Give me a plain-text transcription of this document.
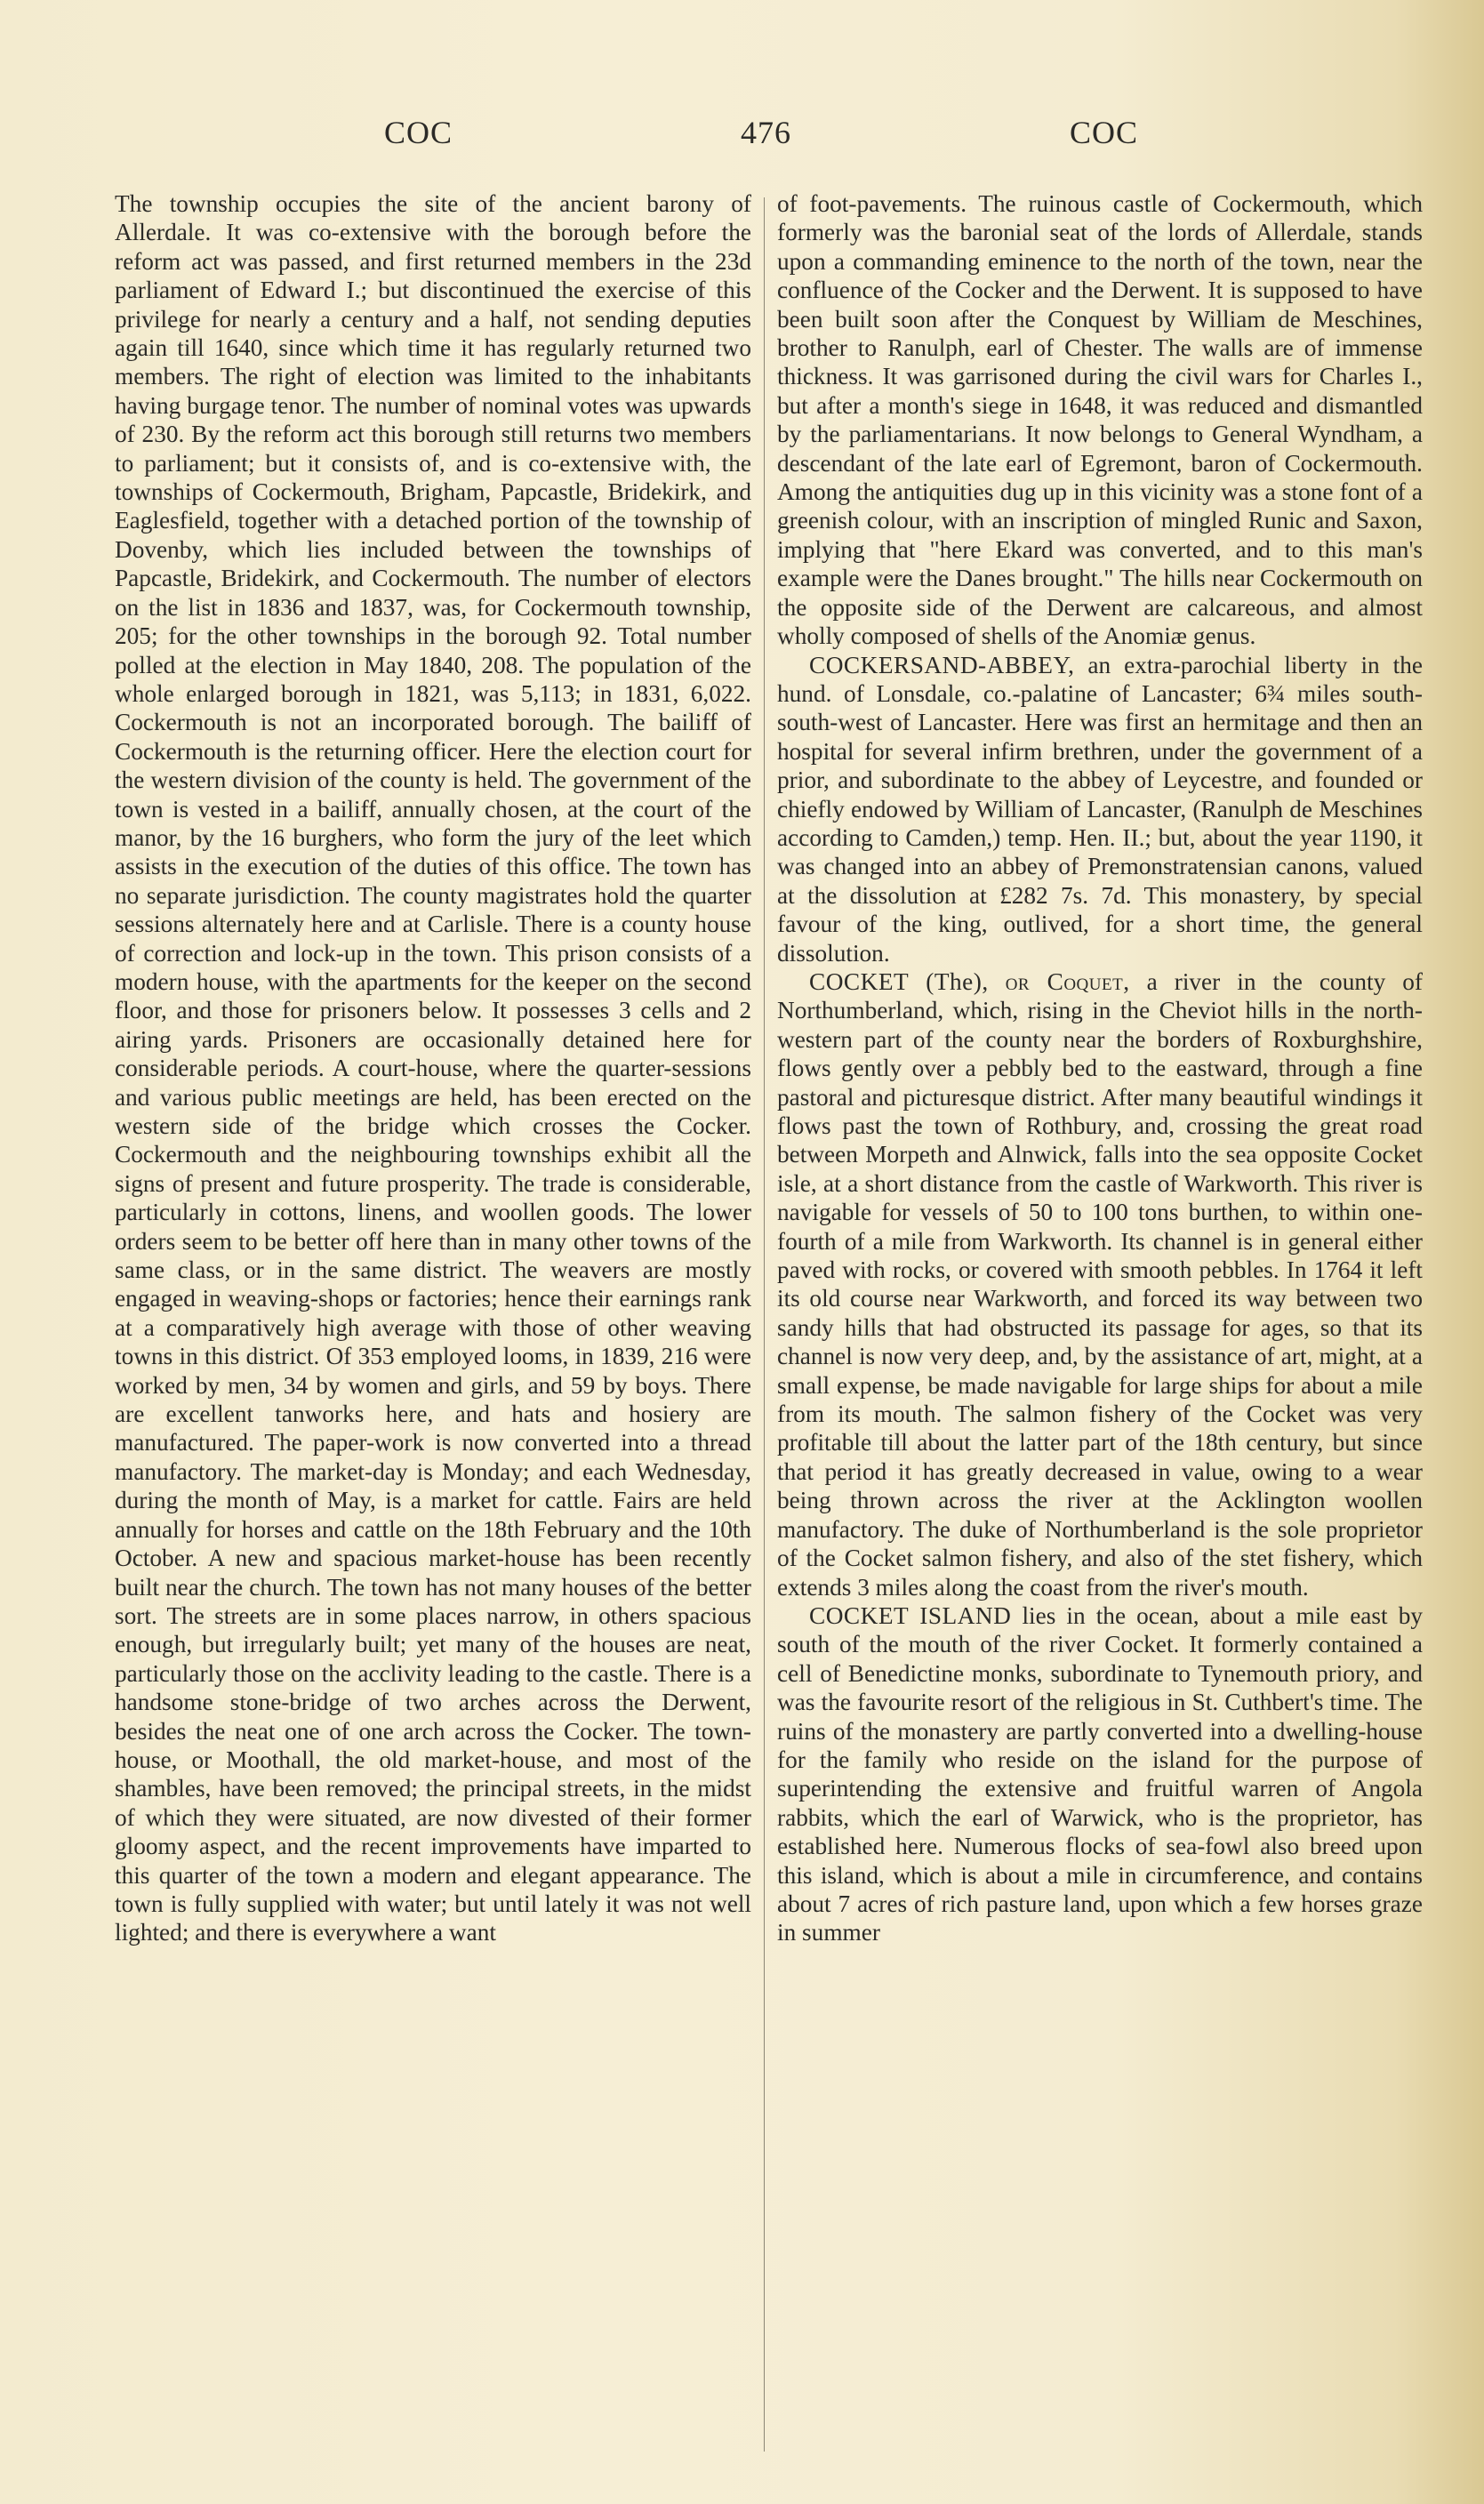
COC	476	COC

The township occupies the site of the ancient barony of Allerdale. It was co-extensive with the borough before the reform act was passed, and first returned members in the 23d parliament of Edward I.; but discontinued the exercise of this privilege for nearly a century and a half, not sending deputies again till 1640, since which time it has regularly returned two members. The right of election was limited to the inhabitants having burgage tenor. The number of nominal votes was upwards of 230. By the reform act this borough still returns two members to parliament; but it consists of, and is co-extensive with, the townships of Cockermouth, Brigham, Papcastle, Bridekirk, and Eaglesfield, together with a detached portion of the township of Dovenby, which lies included between the townships of Papcastle, Bridekirk, and Cockermouth. The number of electors on the list in 1836 and 1837, was, for Cockermouth township, 205; for the other townships in the borough 92. Total number polled at the election in May 1840, 208. The population of the whole enlarged borough in 1821, was 5,113; in 1831, 6,022. Cockermouth is not an incorporated borough. The bailiff of Cockermouth is the returning officer. Here the election court for the western division of the county is held. The government of the town is vested in a bailiff, annually chosen, at the court of the manor, by the 16 burghers, who form the jury of the leet which assists in the execution of the duties of this office. The town has no separate jurisdiction. The county magistrates hold the quarter sessions alternately here and at Carlisle. There is a county house of correction and lock-up in the town. This prison consists of a modern house, with the apartments for the keeper on the second floor, and those for prisoners below. It possesses 3 cells and 2 airing yards. Prisoners are occasionally detained here for considerable periods. A court-house, where the quarter-sessions and various public meetings are held, has been erected on the western side of the bridge which crosses the Cocker. Cockermouth and the neighbouring townships exhibit all the signs of present and future prosperity. The trade is considerable, particularly in cottons, linens, and woollen goods. The lower orders seem to be better off here than in many other towns of the same class, or in the same district. The weavers are mostly engaged in weaving-shops or factories; hence their earnings rank at a comparatively high average with those of other weaving towns in this district. Of 353 employed looms, in 1839, 216 were worked by men, 34 by women and girls, and 59 by boys. There are excellent tanworks here, and hats and hosiery are manufactured. The paper-work is now converted into a thread manufactory. The market-day is Monday; and each Wednesday, during the month of May, is a market for cattle. Fairs are held annually for horses and cattle on the 18th February and the 10th October. A new and spacious market-house has been recently built near the church. The town has not many houses of the better sort. The streets are in some places narrow, in others spacious enough, but irregularly built; yet many of the houses are neat, particularly those on the acclivity leading to the castle. There is a handsome stone-bridge of two arches across the Derwent, besides the neat one of one arch across the Cocker. The town-house, or Moothall, the old market-house, and most of the shambles, have been removed; the principal streets, in the midst of which they were situated, are now divested of their former gloomy aspect, and the recent improvements have imparted to this quarter of the town a modern and elegant appearance. The town is fully supplied with water; but until lately it was not well lighted; and there is everywhere a want

of foot-pavements. The ruinous castle of Cockermouth, which formerly was the baronial seat of the lords of Allerdale, stands upon a commanding eminence to the north of the town, near the confluence of the Cocker and the Derwent. It is supposed to have been built soon after the Conquest by William de Meschines, brother to Ranulph, earl of Chester. The walls are of immense thickness. It was garrisoned during the civil wars for Charles I., but after a month's siege in 1648, it was reduced and dismantled by the parliamentarians. It now belongs to General Wyndham, a descendant of the late earl of Egremont, baron of Cockermouth. Among the antiquities dug up in this vicinity was a stone font of a greenish colour, with an inscription of mingled Runic and Saxon, implying that "here Ekard was converted, and to this man's example were the Danes brought." The hills near Cockermouth on the opposite side of the Derwent are calcareous, and almost wholly composed of shells of the Anomiæ genus.

COCKERSAND-ABBEY, an extra-parochial liberty in the hund. of Lonsdale, co.-palatine of Lancaster; 6¾ miles south-south-west of Lancaster. Here was first an hermitage and then an hospital for several infirm brethren, under the government of a prior, and subordinate to the abbey of Leycestre, and founded or chiefly endowed by William of Lancaster, (Ranulph de Meschines according to Camden,) temp. Hen. II.; but, about the year 1190, it was changed into an abbey of Premonstratensian canons, valued at the dissolution at £282 7s. 7d. This monastery, by special favour of the king, outlived, for a short time, the general dissolution.

COCKET (The), or Coquet, a river in the county of Northumberland, which, rising in the Cheviot hills in the north-western part of the county near the borders of Roxburghshire, flows gently over a pebbly bed to the eastward, through a fine pastoral and picturesque district. After many beautiful windings it flows past the town of Rothbury, and, crossing the great road between Morpeth and Alnwick, falls into the sea opposite Cocket isle, at a short distance from the castle of Warkworth. This river is navigable for vessels of 50 to 100 tons burthen, to within one-fourth of a mile from Warkworth. Its channel is in general either paved with rocks, or covered with smooth pebbles. In 1764 it left its old course near Warkworth, and forced its way between two sandy hills that had obstructed its passage for ages, so that its channel is now very deep, and, by the assistance of art, might, at a small expense, be made navigable for large ships for about a mile from its mouth. The salmon fishery of the Cocket was very profitable till about the latter part of the 18th century, but since that period it has greatly decreased in value, owing to a wear being thrown across the river at the Acklington woollen manufactory. The duke of Northumberland is the sole proprietor of the Cocket salmon fishery, and also of the stet fishery, which extends 3 miles along the coast from the river's mouth.

COCKET ISLAND lies in the ocean, about a mile east by south of the mouth of the river Cocket. It formerly contained a cell of Benedictine monks, subordinate to Tynemouth priory, and was the favourite resort of the religious in St. Cuthbert's time. The ruins of the monastery are partly converted into a dwelling-house for the family who reside on the island for the purpose of superintending the extensive and fruitful warren of Angola rabbits, which the earl of Warwick, who is the proprietor, has established here. Numerous flocks of sea-fowl also breed upon this island, which is about a mile in circumference, and contains about 7 acres of rich pasture land, upon which a few horses graze in summer
